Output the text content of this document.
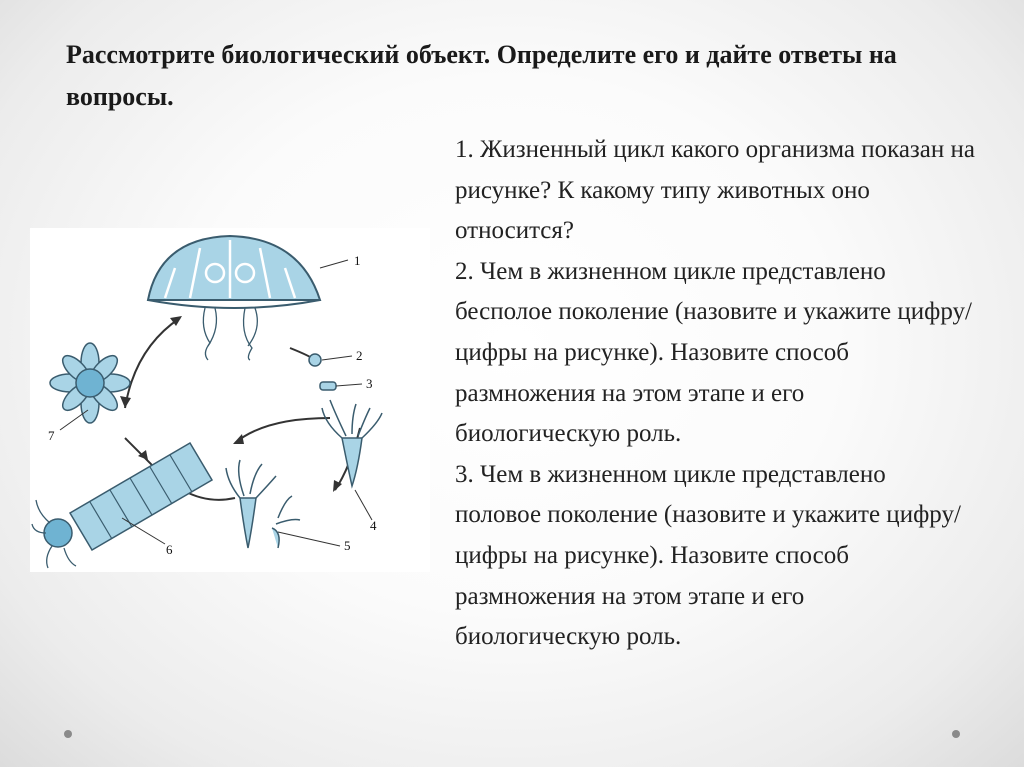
Рассмотрите биологический объект. Определите его и дайте ответы на вопросы.
1
2
3
4
5
6
7

1. Жизненный цикл какого организма показан на рисунке? К какому типу животных оно относится?

2. Чем в жизненном цикле представлено бесполое поколение (назовите и укажите цифру/цифры на рисунке). Назовите способ размножения на этом этапе и его биологическую роль.

3. Чем в жизненном цикле представлено половое поколение (назовите и укажите цифру/цифры на рисунке). Назовите способ размножения на этом этапе и его биологическую роль.
